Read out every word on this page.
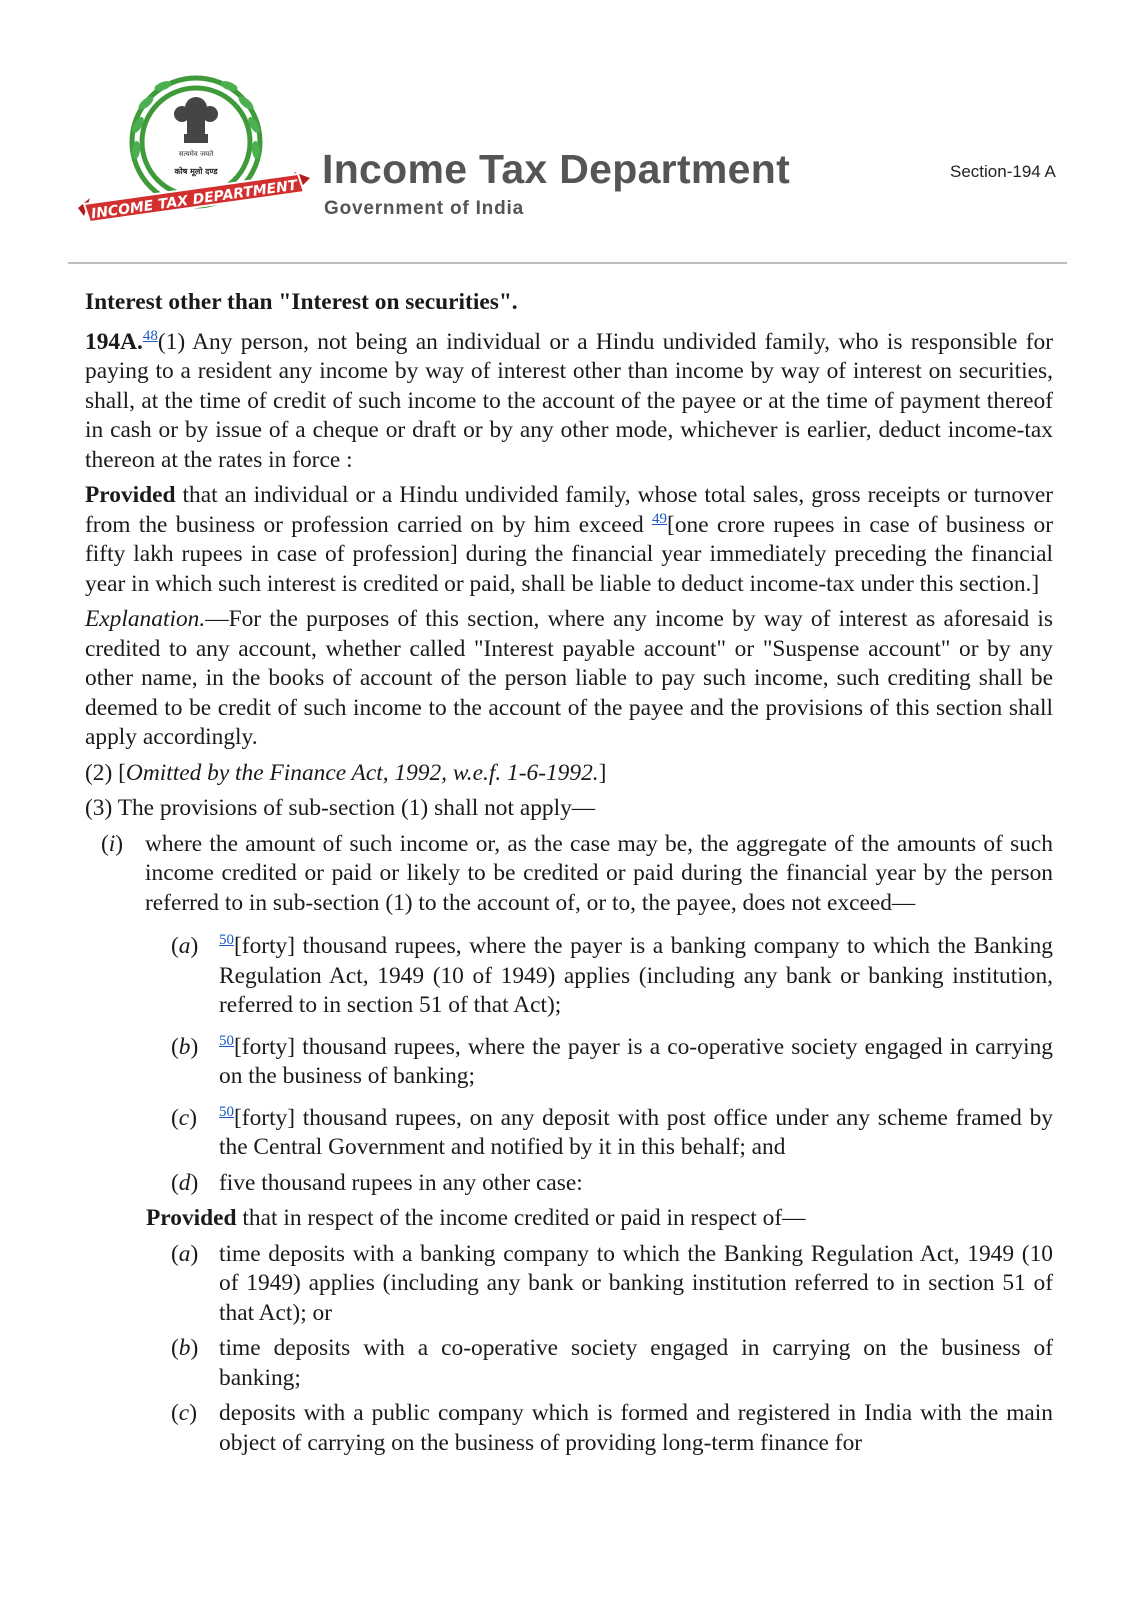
सत्यमेव जयते
कोष मूलो दण्ड
INCOME TAX DEPARTMENT
Income Tax Department
Government of India
Section-194 A

Interest other than "Interest on securities".

194A.$^{48}$(1) Any person, not being an individual or a Hindu undivided family, who is responsible for paying to a resident any income by way of interest other than income by way of interest on securities, shall, at the time of credit of such income to the account of the payee or at the time of payment thereof in cash or by issue of a cheque or draft or by any other mode, whichever is earlier, deduct income-tax thereon at the rates in force :

Provided that an individual or a Hindu undivided family, whose total sales, gross receipts or turnover from the business or profession carried on by him exceed $^{49}$[one crore rupees in case of business or fifty lakh rupees in case of profession] during the financial year immediately preceding the financial year in which such interest is credited or paid, shall be liable to deduct income-tax under this section.]

Explanation.—For the purposes of this section, where any income by way of interest as aforesaid is credited to any account, whether called "Interest payable account" or "Suspense account" or by any other name, in the books of account of the person liable to pay such income, such crediting shall be deemed to be credit of such income to the account of the payee and the provisions of this section shall apply accordingly.

(2) [Omitted by the Finance Act, 1992, w.e.f. 1-6-1992.]

(3) The provisions of sub-section (1) shall not apply—

(i) where the amount of such income or, as the case may be, the aggregate of the amounts of such income credited or paid or likely to be credited or paid during the financial year by the person referred to in sub-section (1) to the account of, or to, the payee, does not exceed—

(a) $^{50}$[forty] thousand rupees, where the payer is a banking company to which the Banking Regulation Act, 1949 (10 of 1949) applies (including any bank or banking institution, referred to in section 51 of that Act);

(b) $^{50}$[forty] thousand rupees, where the payer is a co-operative society engaged in carrying on the business of banking;

(c) $^{50}$[forty] thousand rupees, on any deposit with post office under any scheme framed by the Central Government and notified by it in this behalf; and

(d) five thousand rupees in any other case:

Provided that in respect of the income credited or paid in respect of—

(a) time deposits with a banking company to which the Banking Regulation Act, 1949 (10 of 1949) applies (including any bank or banking institution referred to in section 51 of that Act); or

(b) time deposits with a co-operative society engaged in carrying on the business of banking;

(c) deposits with a public company which is formed and registered in India with the main object of carrying on the business of providing long-term finance for
